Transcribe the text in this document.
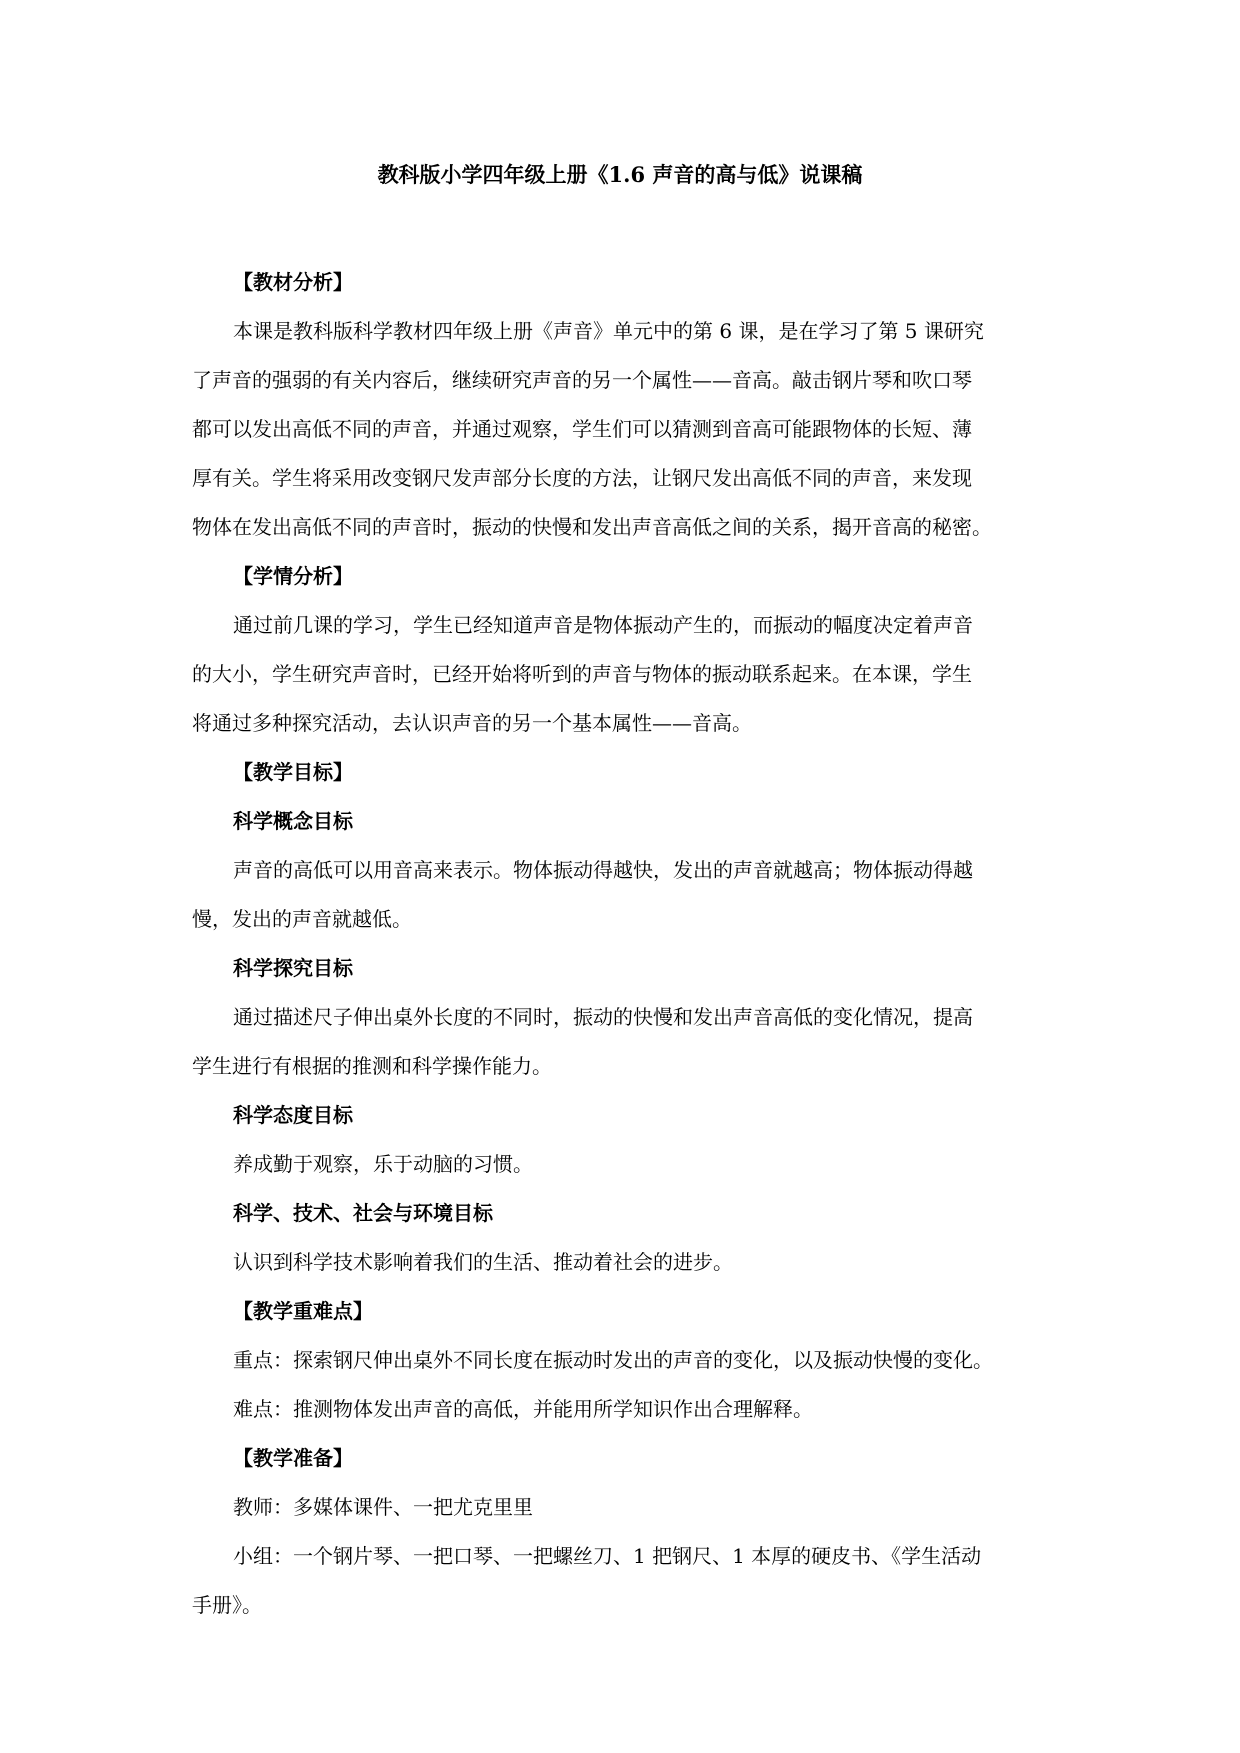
教科版小学四年级上册《1.6 声音的高与低》说课稿
【教材分析】
本课是教科版科学教材四年级上册《声音》单元中的第 6 课，是在学习了第 5 课研究
了声音的强弱的有关内容后，继续研究声音的另一个属性——音高。敲击钢片琴和吹口琴
都可以发出高低不同的声音，并通过观察，学生们可以猜测到音高可能跟物体的长短、薄
厚有关。学生将采用改变钢尺发声部分长度的方法，让钢尺发出高低不同的声音，来发现
物体在发出高低不同的声音时，振动的快慢和发出声音高低之间的关系，揭开音高的秘密。
【学情分析】
通过前几课的学习，学生已经知道声音是物体振动产生的，而振动的幅度决定着声音
的大小，学生研究声音时，已经开始将听到的声音与物体的振动联系起来。在本课，学生
将通过多种探究活动，去认识声音的另一个基本属性——音高。
【教学目标】
科学概念目标
声音的高低可以用音高来表示。物体振动得越快，发出的声音就越高；物体振动得越
慢，发出的声音就越低。
科学探究目标
通过描述尺子伸出桌外长度的不同时，振动的快慢和发出声音高低的变化情况，提高
学生进行有根据的推测和科学操作能力。
科学态度目标
养成勤于观察，乐于动脑的习惯。
科学、技术、社会与环境目标
认识到科学技术影响着我们的生活、推动着社会的进步。
【教学重难点】
重点：探索钢尺伸出桌外不同长度在振动时发出的声音的变化，以及振动快慢的变化。
难点：推测物体发出声音的高低，并能用所学知识作出合理解释。
【教学准备】
教师：多媒体课件、一把尤克里里
小组：一个钢片琴、一把口琴、一把螺丝刀、1 把钢尺、1 本厚的硬皮书、《学生活动
手册》。
